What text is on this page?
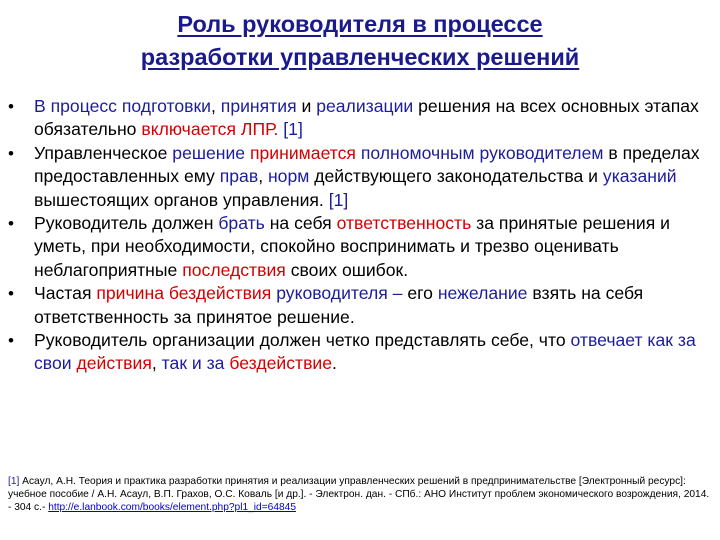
Роль руководителя в процессе
разработки управленческих решений
•	В процесс подготовки, принятия и реализации решения на всех основных этапах обязательно включается ЛПР. [1]
•	Управленческое решение принимается полномочным руководителем в пределах предоставленных ему прав, норм действующего законодательства и указаний вышестоящих органов управления. [1]
•	Руководитель должен брать на себя ответственность за принятые решения и уметь, при необходимости, спокойно воспринимать и трезво оценивать неблагоприятные последствия своих ошибок.
•	Частая причина бездействия руководителя – его нежелание взять на себя ответственность за принятое решение.
•	Руководитель организации должен четко представлять себе, что отвечает как за свои действия, так и за бездействие.
[1] Асаул, А.Н. Теория и практика разработки принятия и реализации управленческих решений в предпринимательстве [Электронный ресурс]: учебное пособие / А.Н. Асаул, В.П. Грахов, О.С. Коваль [и др.]. - Электрон. дан. - СПб.: АНО Институт проблем экономического возрождения, 2014. - 304 с.- http://e.lanbook.com/books/element.php?pl1_id=64845
